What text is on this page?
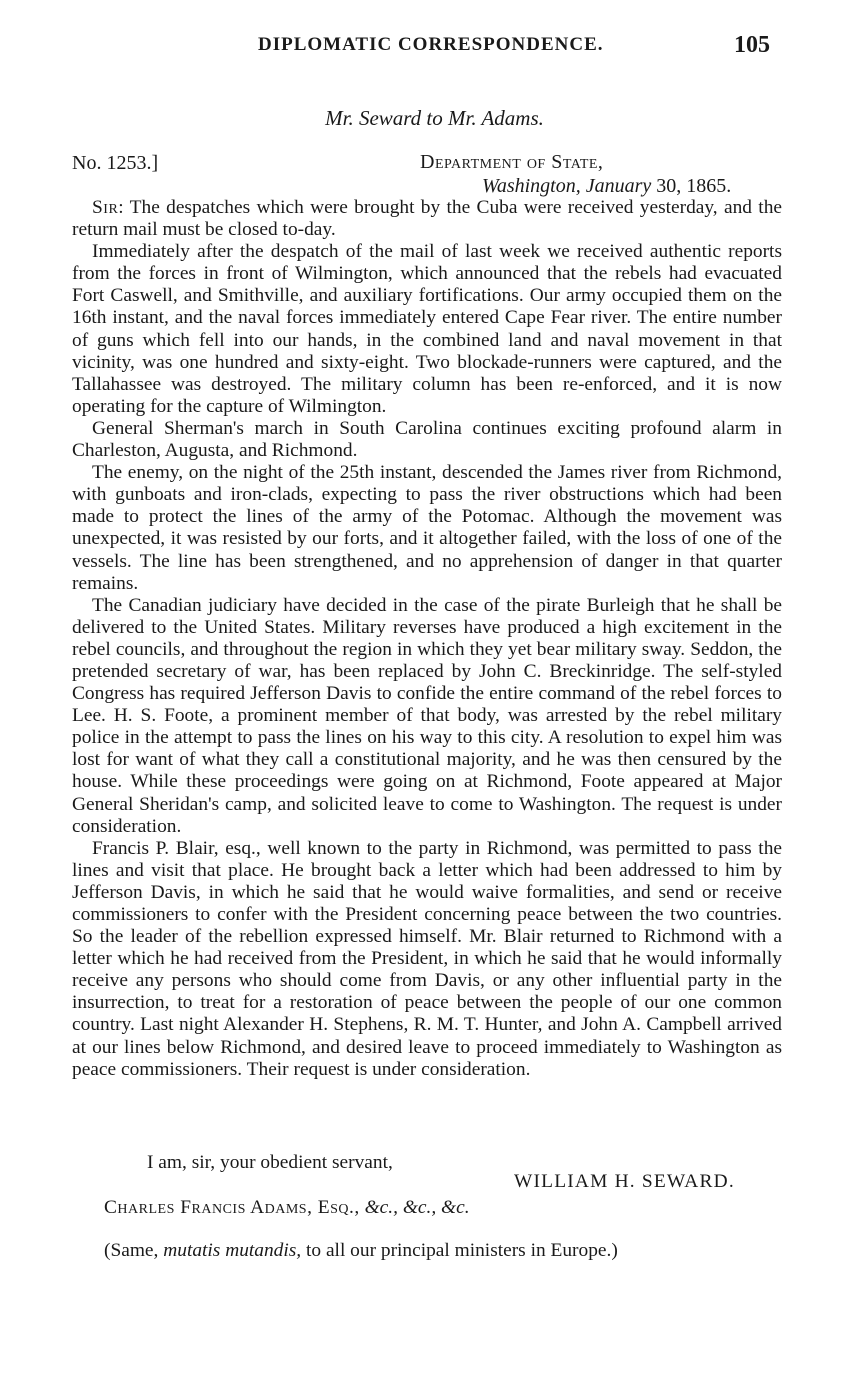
DIPLOMATIC CORRESPONDENCE.	105
Mr. Seward to Mr. Adams.
No. 1253.]	Department of State,
Washington, January 30, 1865.

Sir: The despatches which were brought by the Cuba were received yesterday, and the return mail must be closed to-day.

Immediately after the despatch of the mail of last week we received authentic reports from the forces in front of Wilmington, which announced that the rebels had evacuated Fort Caswell, and Smithville, and auxiliary fortifications. Our army occupied them on the 16th instant, and the naval forces immediately entered Cape Fear river. The entire number of guns which fell into our hands, in the combined land and naval movement in that vicinity, was one hundred and sixty-eight. Two blockade-runners were captured, and the Tallahassee was destroyed. The military column has been re-enforced, and it is now operating for the capture of Wilmington.

General Sherman's march in South Carolina continues exciting profound alarm in Charleston, Augusta, and Richmond.

The enemy, on the night of the 25th instant, descended the James river from Richmond, with gunboats and iron-clads, expecting to pass the river obstructions which had been made to protect the lines of the army of the Potomac. Although the movement was unexpected, it was resisted by our forts, and it altogether failed, with the loss of one of the vessels. The line has been strengthened, and no apprehension of danger in that quarter remains.

The Canadian judiciary have decided in the case of the pirate Burleigh that he shall be delivered to the United States. Military reverses have produced a high excitement in the rebel councils, and throughout the region in which they yet bear military sway. Seddon, the pretended secretary of war, has been replaced by John C. Breckinridge. The self-styled Congress has required Jefferson Davis to confide the entire command of the rebel forces to Lee. H. S. Foote, a prominent member of that body, was arrested by the rebel military police in the attempt to pass the lines on his way to this city. A resolution to expel him was lost for want of what they call a constitutional majority, and he was then censured by the house. While these proceedings were going on at Richmond, Foote appeared at Major General Sheridan's camp, and solicited leave to come to Washington. The request is under consideration.

Francis P. Blair, esq., well known to the party in Richmond, was permitted to pass the lines and visit that place. He brought back a letter which had been addressed to him by Jefferson Davis, in which he said that he would waive formalities, and send or receive commissioners to confer with the President concerning peace between the two countries. So the leader of the rebellion expressed himself. Mr. Blair returned to Richmond with a letter which he had received from the President, in which he said that he would informally receive any persons who should come from Davis, or any other influential party in the insurrection, to treat for a restoration of peace between the people of our one common country. Last night Alexander H. Stephens, R. M. T. Hunter, and John A. Campbell arrived at our lines below Richmond, and desired leave to proceed immediately to Washington as peace commissioners. Their request is under consideration.

I am, sir, your obedient servant,
WILLIAM H. SEWARD.
Charles Francis Adams, Esq., &c., &c., &c.
(Same, mutatis mutandis, to all our principal ministers in Europe.)
